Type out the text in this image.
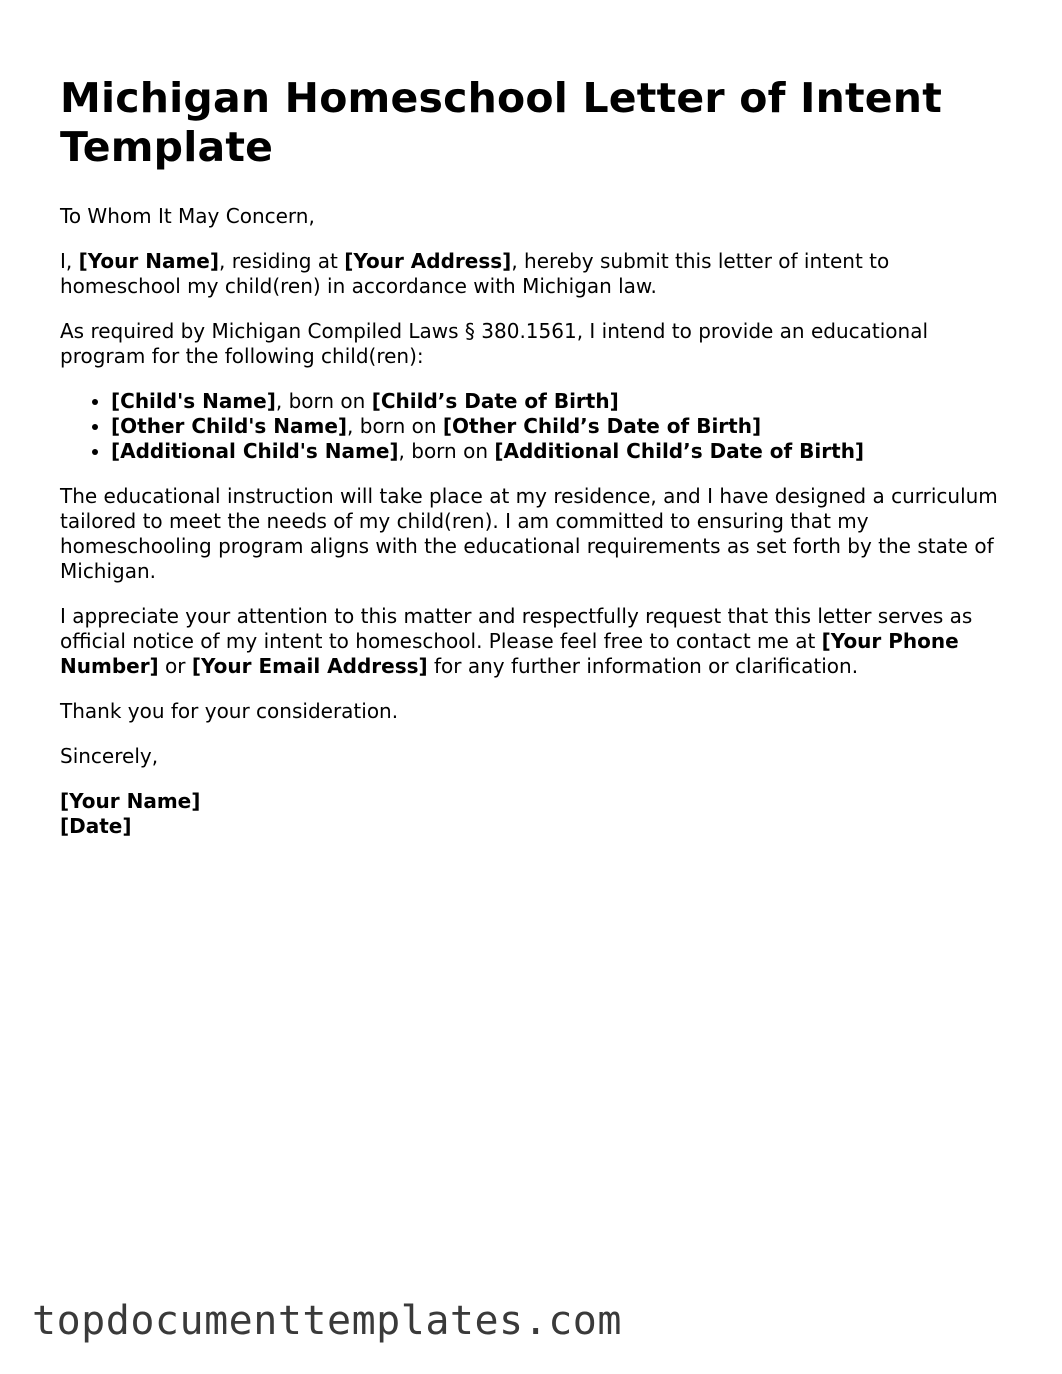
Michigan Homeschool Letter of Intent Template

To Whom It May Concern,

I, [Your Name], residing at [Your Address], hereby submit this letter of intent to homeschool my child(ren) in accordance with Michigan law.

As required by Michigan Compiled Laws § 380.1561, I intend to provide an educational program for the following child(ren):

• [Child's Name], born on [Child’s Date of Birth]
• [Other Child's Name], born on [Other Child’s Date of Birth]
• [Additional Child's Name], born on [Additional Child’s Date of Birth]

The educational instruction will take place at my residence, and I have designed a curriculum tailored to meet the needs of my child(ren). I am committed to ensuring that my homeschooling program aligns with the educational requirements as set forth by the state of Michigan.

I appreciate your attention to this matter and respectfully request that this letter serves as official notice of my intent to homeschool. Please feel free to contact me at [Your Phone Number] or [Your Email Address] for any further information or clarification.

Thank you for your consideration.

Sincerely,

[Your Name]
[Date]

topdocumenttemplates.com
